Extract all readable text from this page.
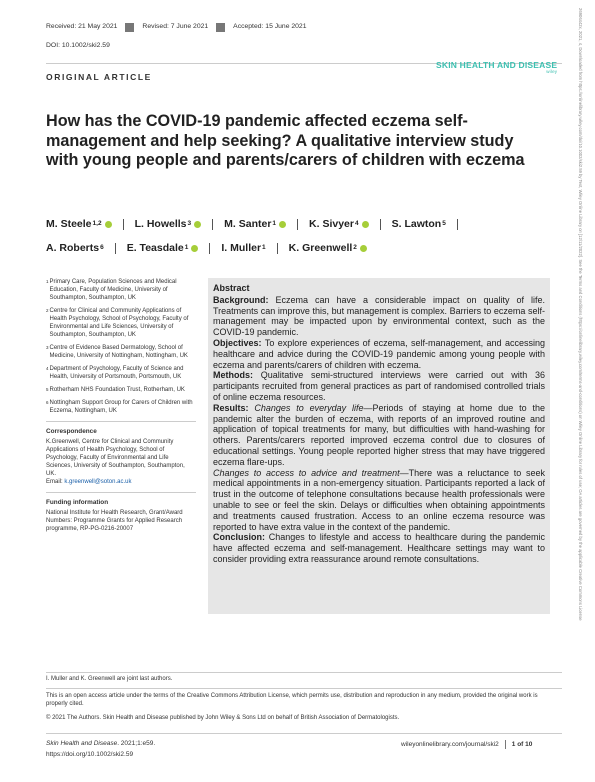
Received: 21 May 2021	Revised: 7 June 2021	Accepted: 15 June 2021
DOI: 10.1002/ski2.59
ORIGINAL ARTICLE
SKIN HEALTH AND DISEASE
wiley
How has the COVID-19 pandemic affected eczema self-management and help seeking? A qualitative interview study with young people and parents/carers of children with eczema
M. Steele 1,2	L. Howells 3	M. Santer 1	K. Sivyer 4	S. Lawton 5
A. Roberts 6 E. Teasdale 1	I. Muller 1 K. Greenwell 2
1 Primary Care, Population Sciences and Medical Education, Faculty of Medicine, University of Southampton, Southampton, UK
2 Centre for Clinical and Community Applications of Health Psychology, School of Psychology, Faculty of Environmental and Life Sciences, University of Southampton, Southampton, UK
3 Centre of Evidence Based Dermatology, School of Medicine, University of Nottingham, Nottingham, UK
4 Department of Psychology, Faculty of Science and Health, University of Portsmouth, Portsmouth, UK
5 Rotherham NHS Foundation Trust, Rotherham, UK
6 Nottingham Support Group for Carers of Children with Eczema, Nottingham, UK
Correspondence
K.Greenwell, Centre for Clinical and Community Applications of Health Psychology, School of Psychology, Faculty of Environmental and Life Sciences, University of Southampton, Southampton, UK.
Email: k.greenwell@soton.ac.uk
Funding information
National Institute for Health Research, Grant/Award Numbers: Programme Grants for Applied Research programme, RP-PG-0216-20007
Abstract

Background: Eczema can have a considerable impact on quality of life. Treatments can improve this, but management is complex. Barriers to eczema self-management may be impacted upon by environmental context, such as the COVID-19 pandemic.

Objectives: To explore experiences of eczema, self-management, and accessing healthcare and advice during the COVID-19 pandemic among young people with eczema and parents/carers of children with eczema.

Methods: Qualitative semi-structured interviews were carried out with 36 participants recruited from general practices as part of randomised controlled trials of online eczema resources.

Results: Changes to everyday life—Periods of staying at home due to the pandemic alter the burden of eczema, with reports of an improved routine and application of topical treatments for many, but difficulties with hand-washing for others. Parents/carers reported improved eczema control due to closures of educational settings. Young people reported higher stress that may have triggered eczema flare-ups.

Changes to access to advice and treatment—There was a reluctance to seek medical appointments in a non-emergency situation. Participants reported a lack of trust in the outcome of telephone consultations because health professionals were unable to see or feel the skin. Delays or difficulties when obtaining appointments and treatments caused frustration. Access to an online eczema resource was reported to have extra value in the context of the pandemic.

Conclusion: Changes to lifestyle and access to healthcare during the pandemic have affected eczema and self-management. Healthcare settings may want to consider providing extra reassurance around remote consultations.

I. Muller and K. Greenwell are joint last authors.
This is an open access article under the terms of the Creative Commons Attribution License, which permits use, distribution and reproduction in any medium, provided the original work is properly cited.
© 2021 The Authors. Skin Health and Disease published by John Wiley & Sons Ltd on behalf of British Association of Dermatologists.
Skin Health and Disease. 2021;1:e59.
https://doi.org/10.1002/ski2.59
wileyonlinelibrary.com/journal/ski2 1 of 10
26906442x, 2021, 4, Downloaded from https://onlinelibrary.wiley.com/doi/10.1002/ski2.59 by Test, Wiley Online Library on [12/11/2022]. See the Terms and Conditions (https://onlinelibrary.wiley.com/terms-and-conditions) on Wiley Online Library for rules of use; OA articles are governed by the applicable Creative Commons License
